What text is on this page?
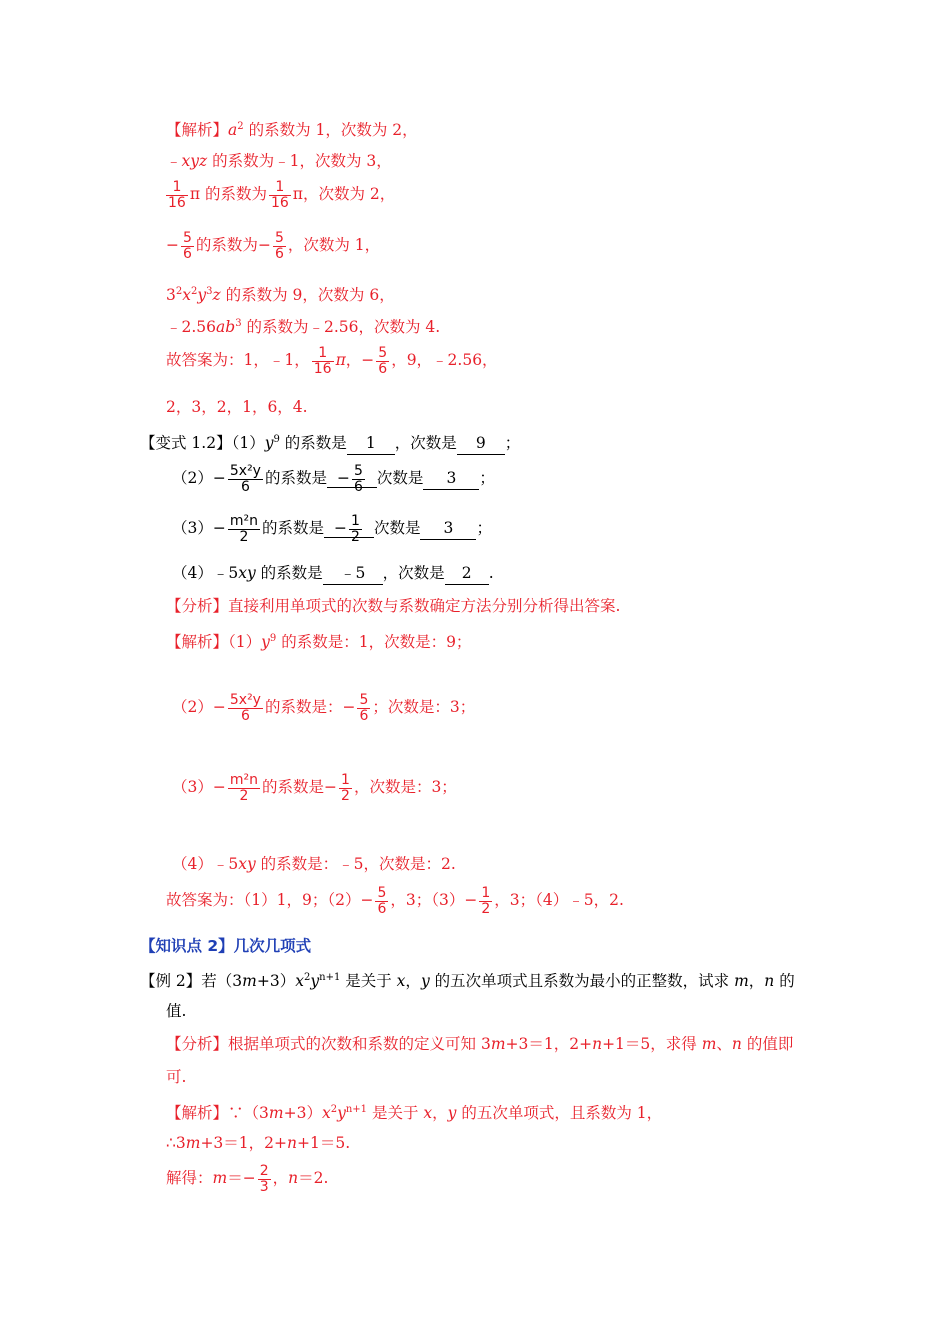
【解析】$a^2$ 的系数为 1，次数为 2，
﹣xyz 的系数为﹣1，次数为 3，
$\frac{1}{16}$ π 的系数为 $\frac{1}{16}$ π，次数为 2，
− $\frac{5}{6}$ 的系数为− $\frac{5}{6}$ ，次数为 1，
$3^2x^2y^3z$ 的系数为 9，次数为 6，
$﹣2.56ab^3$ 的系数为﹣2.56，次数为 4.
故答案为：1，﹣1， $\frac{1}{16}$ π，− $\frac{5}{6}$ ，9，﹣2.56，
2，3，2，1，6，4.
【变式 1.2】$(1)y^9$ 的系数是 1 ，次数是 9 ；
$(2)- \frac{\text{5x²y}}{6}$ 的系数是 − $\frac{5}{6}$ 次数是 3 ；
$(3)- \frac{\text{m²n}}{2}$ 的系数是 − $\frac{1}{2}$ 次数是 3 ；
（4）﹣5xy 的系数是 ﹣5 ，次数是 2 .
【分析】直接利用单项式的次数与系数确定方法分别分析得出答案.
【解析】$(1)y^9$ 的系数是：1，次数是：9；
$(2)- \frac{\text{5x²y}}{6}$ 的系数是：− $\frac{5}{6}$ ；次数是：3；
$(3)- \frac{\text{m²n}}{2}$ 的系数是− $\frac{1}{2}$ ，次数是：3；
（4）﹣5xy 的系数是：﹣5，次数是：2.
故答案为：（1）1，9；$(2)- \frac{5}{6}$ ，3；$(3)- \frac{1}{2}$ ，3；（4）﹣5，2.
【知识点 2】几次几项式
【例 2】若$(3m+3)x^2y^{n+1}$ 是关于 x，y 的五次单项式且系数为最小的正整数，试求 m，n 的
值.
【分析】根据单项式的次数和系数的定义可知 3m+3＝1，2+n+1＝5，求得 m、n 的值即
可.
【解析】$\because(3m+3)x^2y^{n+1}$ 是关于 x，y 的五次单项式，且系数为 1，
∴3m+3＝1，2+n+1＝5.
解得：$m=- \frac{2}{3}$ ，n＝2.
